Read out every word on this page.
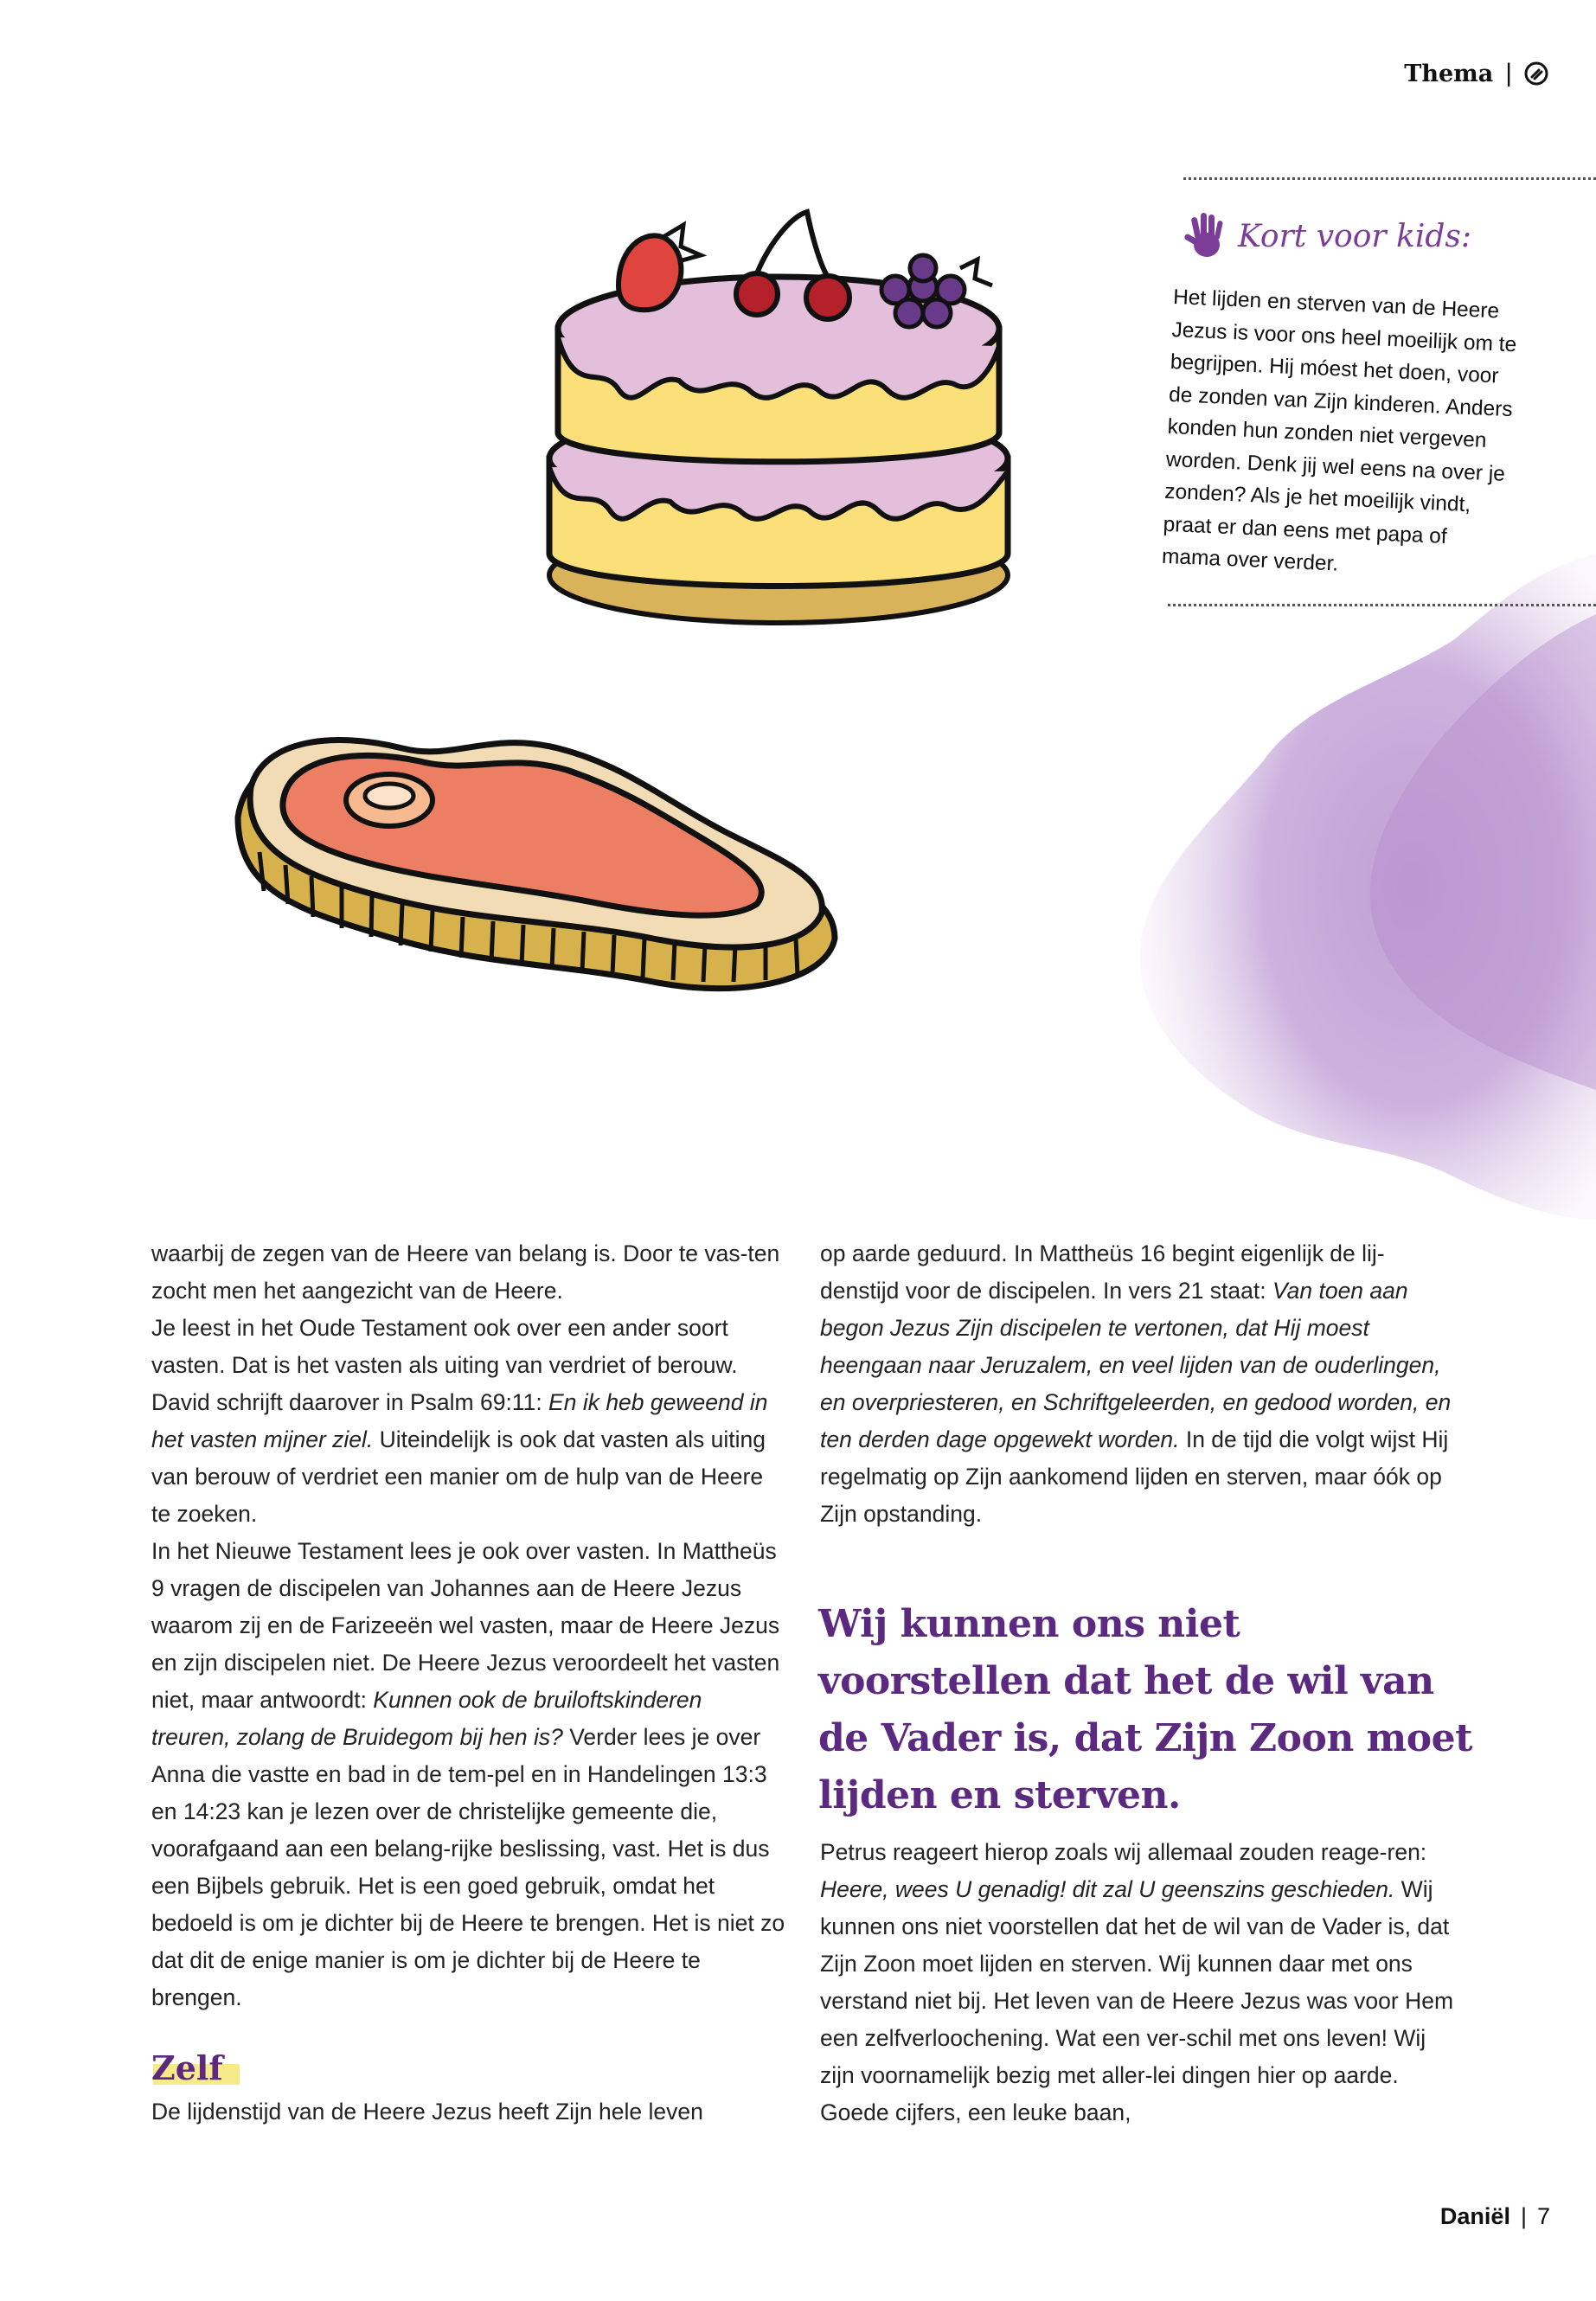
Thema |
Kort voor kids:
Het lijden en sterven van de Heere Jezus is voor ons heel moeilijk om te begrijpen. Hij móest het doen, voor de zonden van Zijn kinderen. Anders konden hun zonden niet vergeven worden. Denk jij wel eens na over je zonden? Als je het moeilijk vindt, praat er dan eens met papa of mama over verder.

waarbij de zegen van de Heere van belang is. Door te vas-ten zocht men het aangezicht van de Heere.

Je leest in het Oude Testament ook over een ander soort vasten. Dat is het vasten als uiting van verdriet of berouw. David schrijft daarover in Psalm 69:11: En ik heb geweend in het vasten mijner ziel. Uiteindelijk is ook dat vasten als uiting van berouw of verdriet een manier om de hulp van de Heere te zoeken.

In het Nieuwe Testament lees je ook over vasten. In Mattheüs 9 vragen de discipelen van Johannes aan de Heere Jezus waarom zij en de Farizeeën wel vasten, maar de Heere Jezus en zijn discipelen niet. De Heere Jezus veroordeelt het vasten niet, maar antwoordt: Kunnen ook de bruiloftskinderen treuren, zolang de Bruidegom bij hen is? Verder lees je over Anna die vastte en bad in de tem-pel en in Handelingen 13:3 en 14:23 kan je lezen over de christelijke gemeente die, voorafgaand aan een belang-rijke beslissing, vast. Het is dus een Bijbels gebruik. Het is een goed gebruik, omdat het bedoeld is om je dichter bij de Heere te brengen. Het is niet zo dat dit de enige manier is om je dichter bij de Heere te brengen.

Zelf
De lijdenstijd van de Heere Jezus heeft Zijn hele leven

op aarde geduurd. In Mattheüs 16 begint eigenlijk de lij-denstijd voor de discipelen. In vers 21 staat: Van toen aan begon Jezus Zijn discipelen te vertonen, dat Hij moest heengaan naar Jeruzalem, en veel lijden van de ouderlingen, en overpriesteren, en Schriftgeleerden, en gedood worden, en ten derden dage opgewekt worden. In de tijd die volgt wijst Hij regelmatig op Zijn aankomend lijden en sterven, maar óók op Zijn opstanding.

Wij kunnen ons niet voorstellen dat het de wil van de Vader is, dat Zijn Zoon moet lijden en sterven.
Petrus reageert hierop zoals wij allemaal zouden reage-ren: Heere, wees U genadig! dit zal U geenszins geschieden. Wij kunnen ons niet voorstellen dat het de wil van de Vader is, dat Zijn Zoon moet lijden en sterven. Wij kunnen daar met ons verstand niet bij. Het leven van de Heere Jezus was voor Hem een zelfverloochening. Wat een ver-schil met ons leven! Wij zijn voornamelijk bezig met aller-lei dingen hier op aarde. Goede cijfers, een leuke baan,
Daniël | 7
